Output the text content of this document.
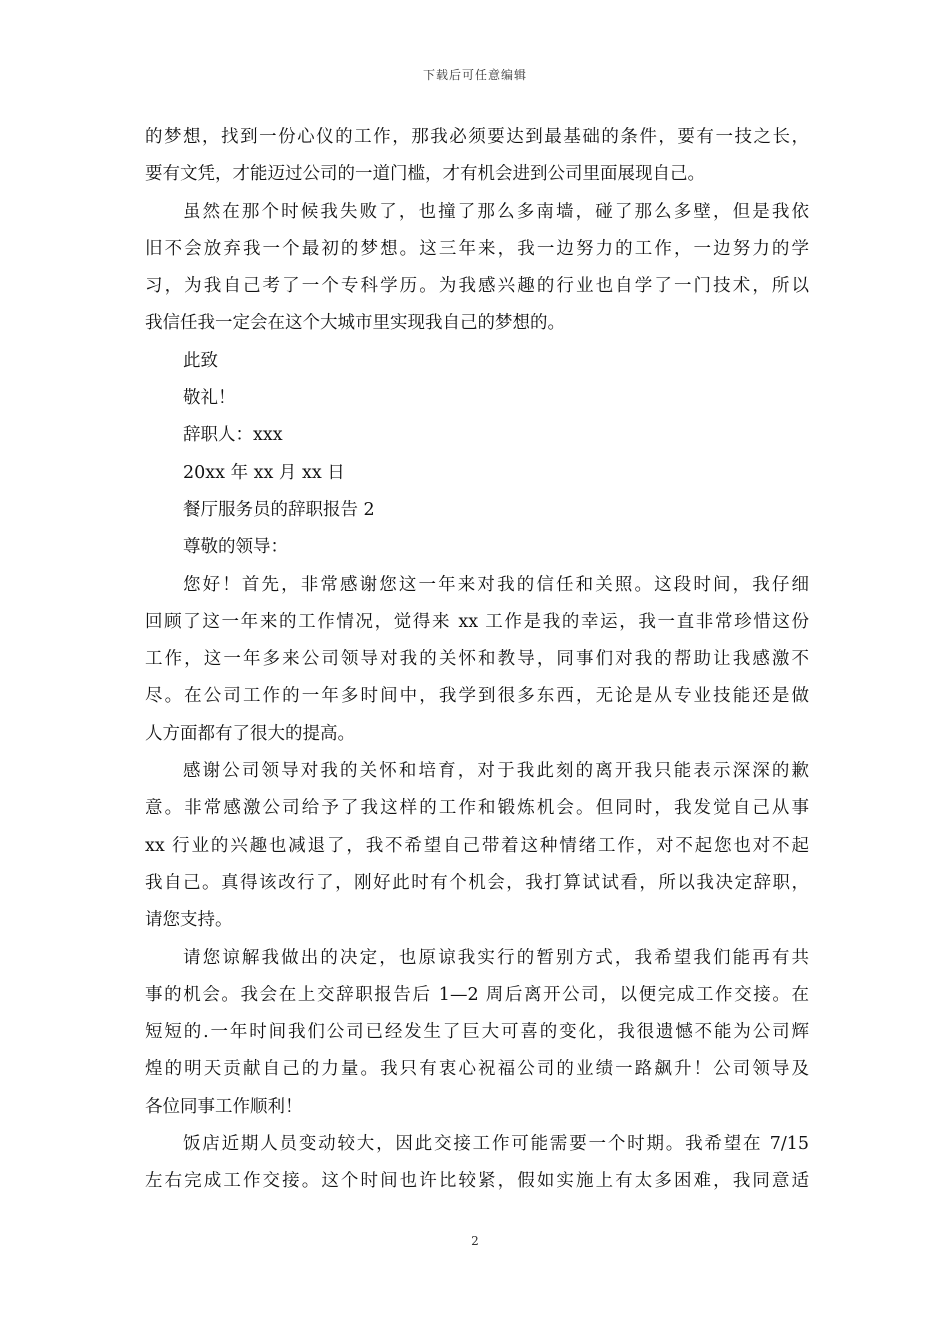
下载后可任意编辑
的梦想，找到一份心仪的工作，那我必须要达到最基础的条件，要有一技之长，
要有文凭，才能迈过公司的一道门槛，才有机会进到公司里面展现自己。
虽然在那个时候我失败了，也撞了那么多南墙，碰了那么多壁，但是我依
旧不会放弃我一个最初的梦想。这三年来，我一边努力的工作，一边努力的学
习，为我自己考了一个专科学历。为我感兴趣的行业也自学了一门技术，所以
我信任我一定会在这个大城市里实现我自己的梦想的。
此致
敬礼！
辞职人：xxx
20xx 年 xx 月 xx 日
餐厅服务员的辞职报告 2
尊敬的领导：
您好！首先，非常感谢您这一年来对我的信任和关照。这段时间，我仔细
回顾了这一年来的工作情况，觉得来 xx 工作是我的幸运，我一直非常珍惜这份
工作，这一年多来公司领导对我的关怀和教导，同事们对我的帮助让我感激不
尽。在公司工作的一年多时间中，我学到很多东西，无论是从专业技能还是做
人方面都有了很大的提高。
感谢公司领导对我的关怀和培育，对于我此刻的离开我只能表示深深的歉
意。非常感激公司给予了我这样的工作和锻炼机会。但同时，我发觉自己从事
xx 行业的兴趣也减退了，我不希望自己带着这种情绪工作，对不起您也对不起
我自己。真得该改行了，刚好此时有个机会，我打算试试看，所以我决定辞职，
请您支持。
请您谅解我做出的决定，也原谅我实行的暂别方式，我希望我们能再有共
事的机会。我会在上交辞职报告后 1—2 周后离开公司，以便完成工作交接。在
短短的.一年时间我们公司已经发生了巨大可喜的变化，我很遗憾不能为公司辉
煌的明天贡献自己的力量。我只有衷心祝福公司的业绩一路飙升！公司领导及
各位同事工作顺利！
饭店近期人员变动较大，因此交接工作可能需要一个时期。我希望在 7/15
左右完成工作交接。这个时间也许比较紧，假如实施上有太多困难，我同意适
2
